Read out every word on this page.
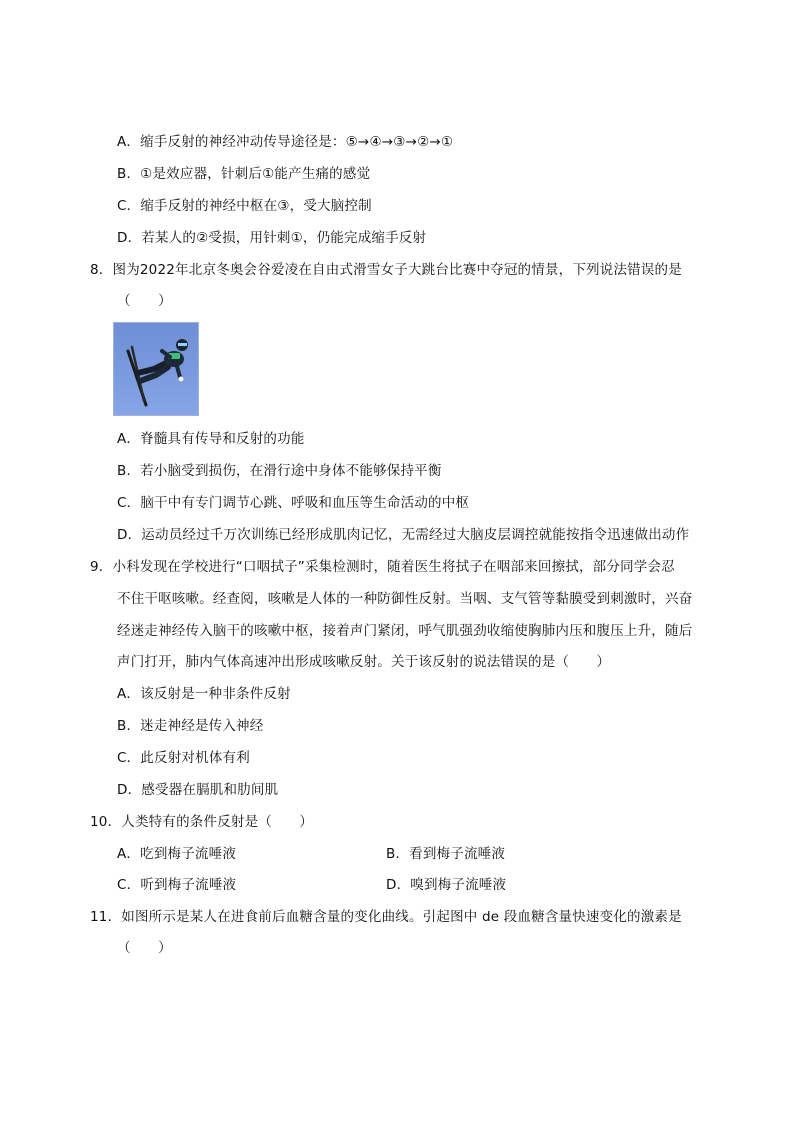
A．缩手反射的神经冲动传导途径是：⑤→④→③→②→①
B．①是效应器，针刺后①能产生痛的感觉
C．缩手反射的神经中枢在③，受大脑控制
D．若某人的②受损，用针刺①，仍能完成缩手反射
8．图为2022年北京冬奥会谷爱凌在自由式滑雪女子大跳台比赛中夺冠的情景，下列说法错误的是
（　　）
A．脊髓具有传导和反射的功能
B．若小脑受到损伤，在滑行途中身体不能够保持平衡
C．脑干中有专门调节心跳、呼吸和血压等生命活动的中枢
D．运动员经过千万次训练已经形成肌肉记忆，无需经过大脑皮层调控就能按指令迅速做出动作
9．小科发现在学校进行“口咽拭子”采集检测时，随着医生将拭子在咽部来回擦拭，部分同学会忍
不住干呕咳嗽。经查阅，咳嗽是人体的一种防御性反射。当咽、支气管等黏膜受到刺激时，兴奋
经迷走神经传入脑干的咳嗽中枢，接着声门紧闭，呼气肌强劲收缩使胸肺内压和腹压上升，随后
声门打开，肺内气体高速冲出形成咳嗽反射。关于该反射的说法错误的是（　　）
A．该反射是一种非条件反射
B．迷走神经是传入神经
C．此反射对机体有利
D．感受器在膈肌和肋间肌
10．人类特有的条件反射是（　　）
A．吃到梅子流唾液	B．看到梅子流唾液
C．听到梅子流唾液	D．嗅到梅子流唾液
11．如图所示是某人在进食前后血糖含量的变化曲线。引起图中 de 段血糖含量快速变化的激素是
（　　）
